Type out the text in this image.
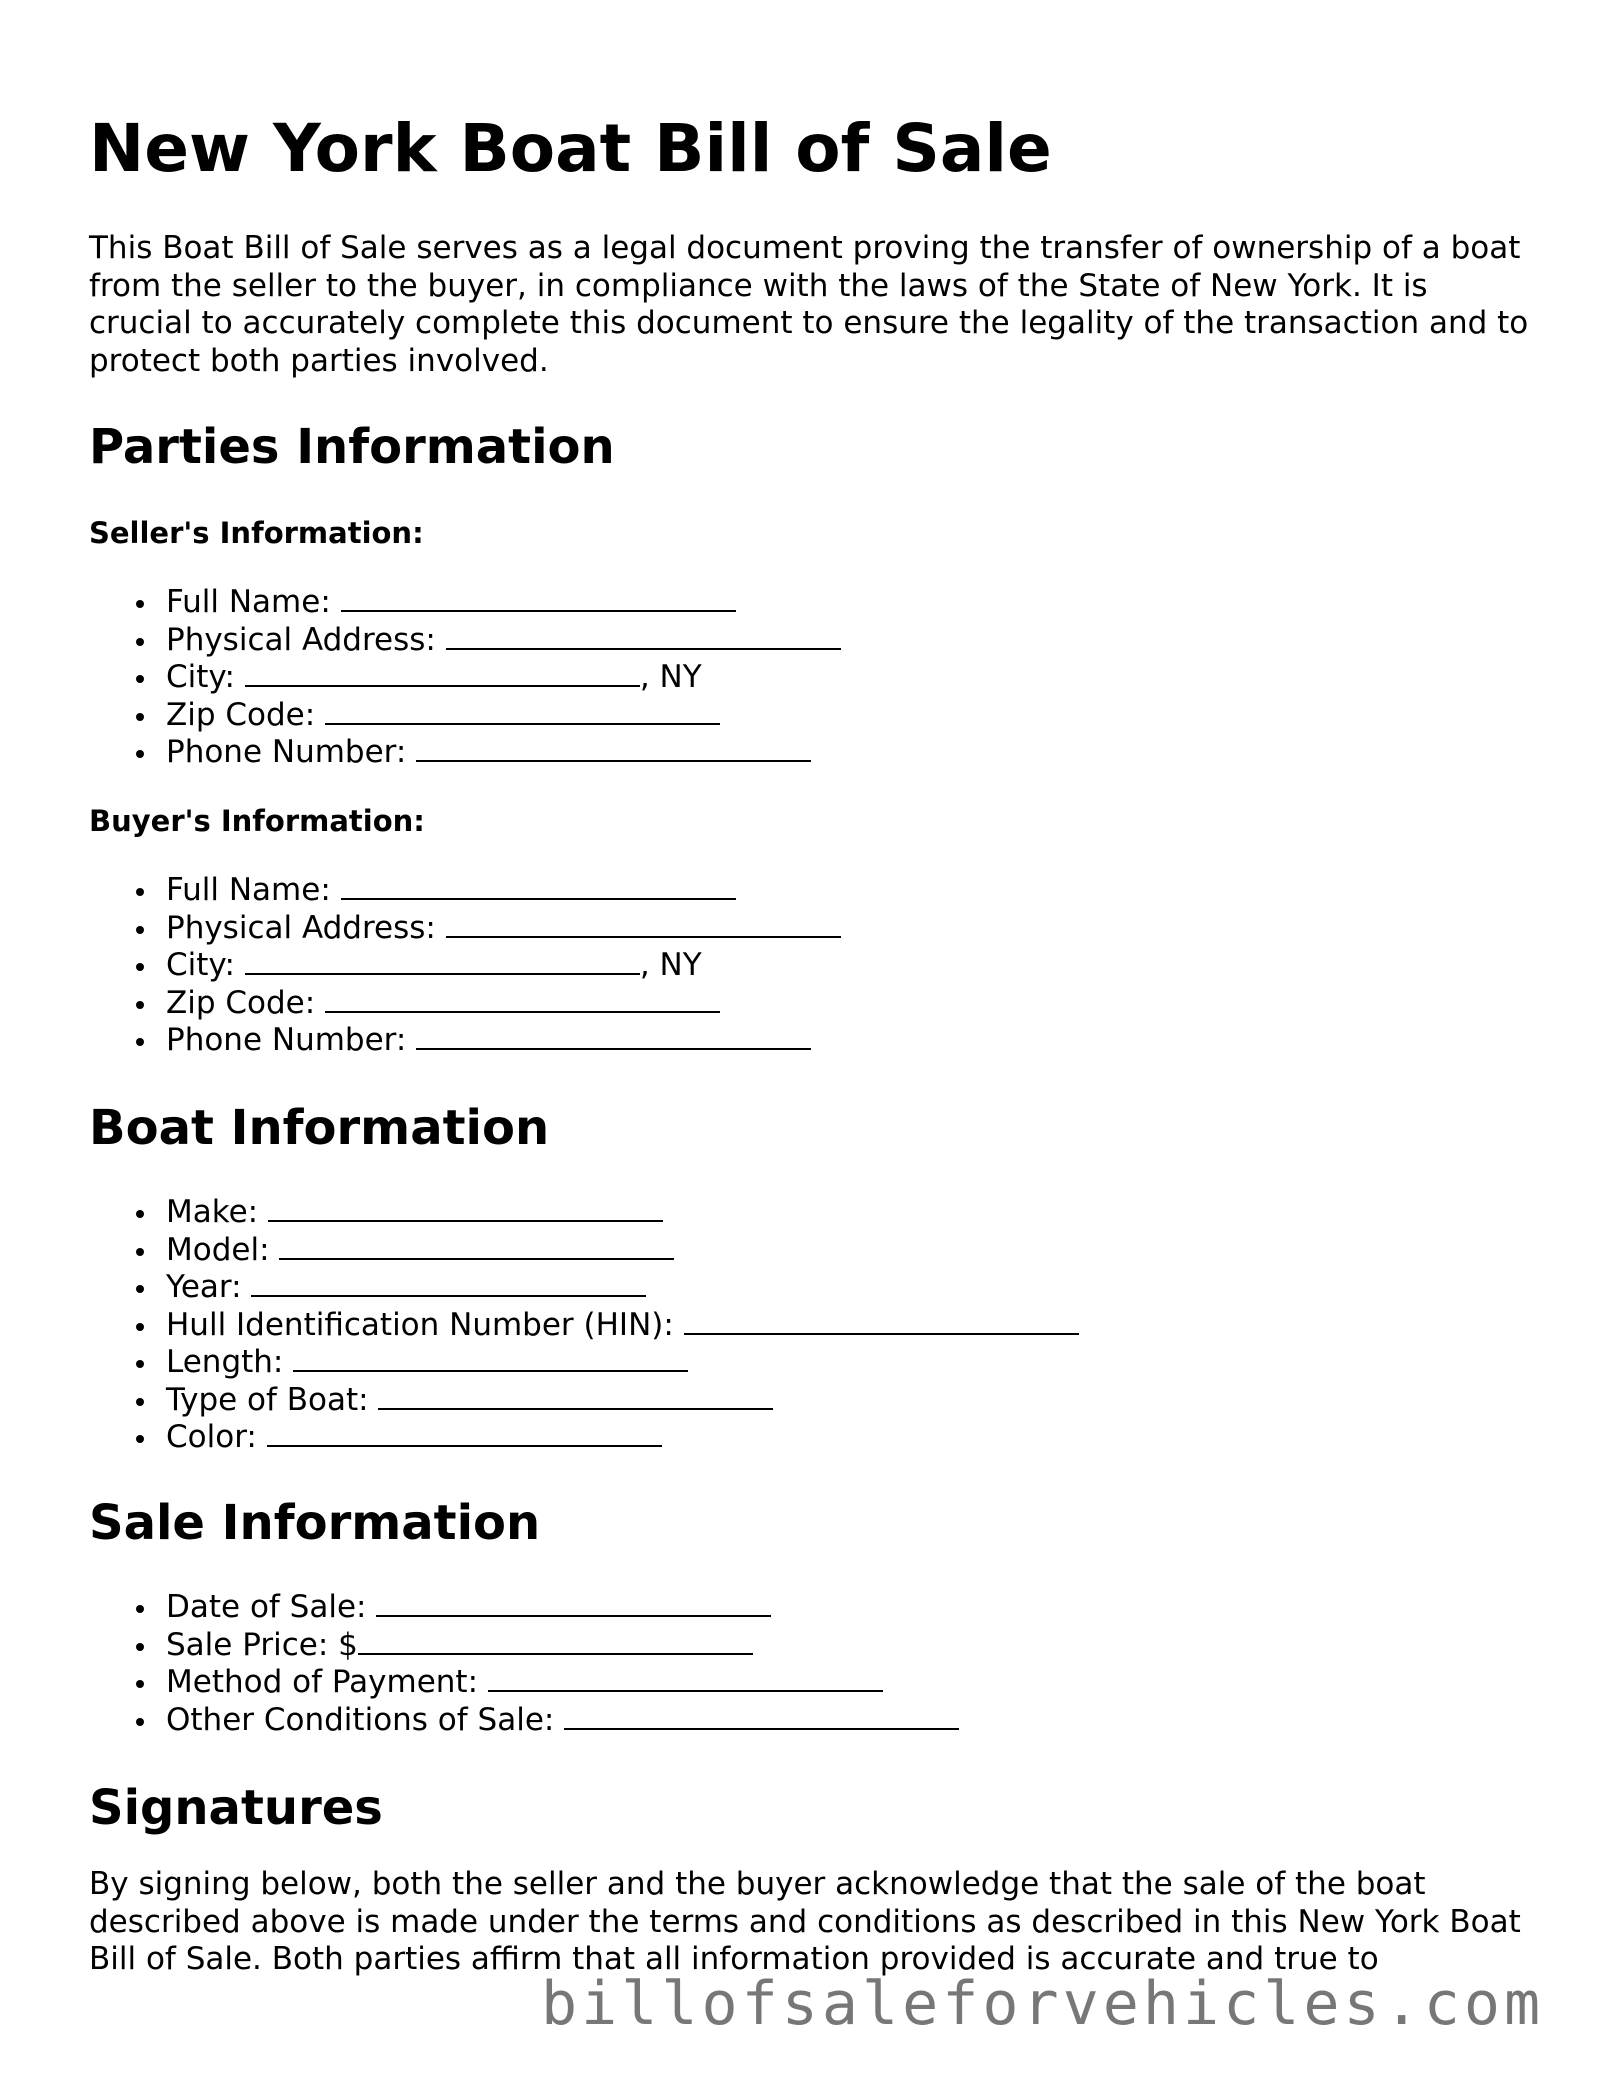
New York Boat Bill of Sale

This Boat Bill of Sale serves as a legal document proving the transfer of ownership of a boat from the seller to the buyer, in compliance with the laws of the State of New York. It is crucial to accurately complete this document to ensure the legality of the transaction and to protect both parties involved.

Parties Information
Seller's Information:
Full Name:
Physical Address:
City:	, NY
Zip Code:
Phone Number:
Buyer's Information:
Full Name:
Physical Address:
City:	, NY
Zip Code:
Phone Number:
Boat Information
Make:
Model:
Year:
Hull Identification Number (HIN):
Length:
Type of Boat:
Color:
Sale Information
Date of Sale:
Sale Price: $
Method of Payment:
Other Conditions of Sale:
Signatures

By signing below, both the seller and the buyer acknowledge that the sale of the boat described above is made under the terms and conditions as described in this New York Boat Bill of Sale. Both parties affirm that all information provided is accurate and true to

billofsaleforvehicles.com
